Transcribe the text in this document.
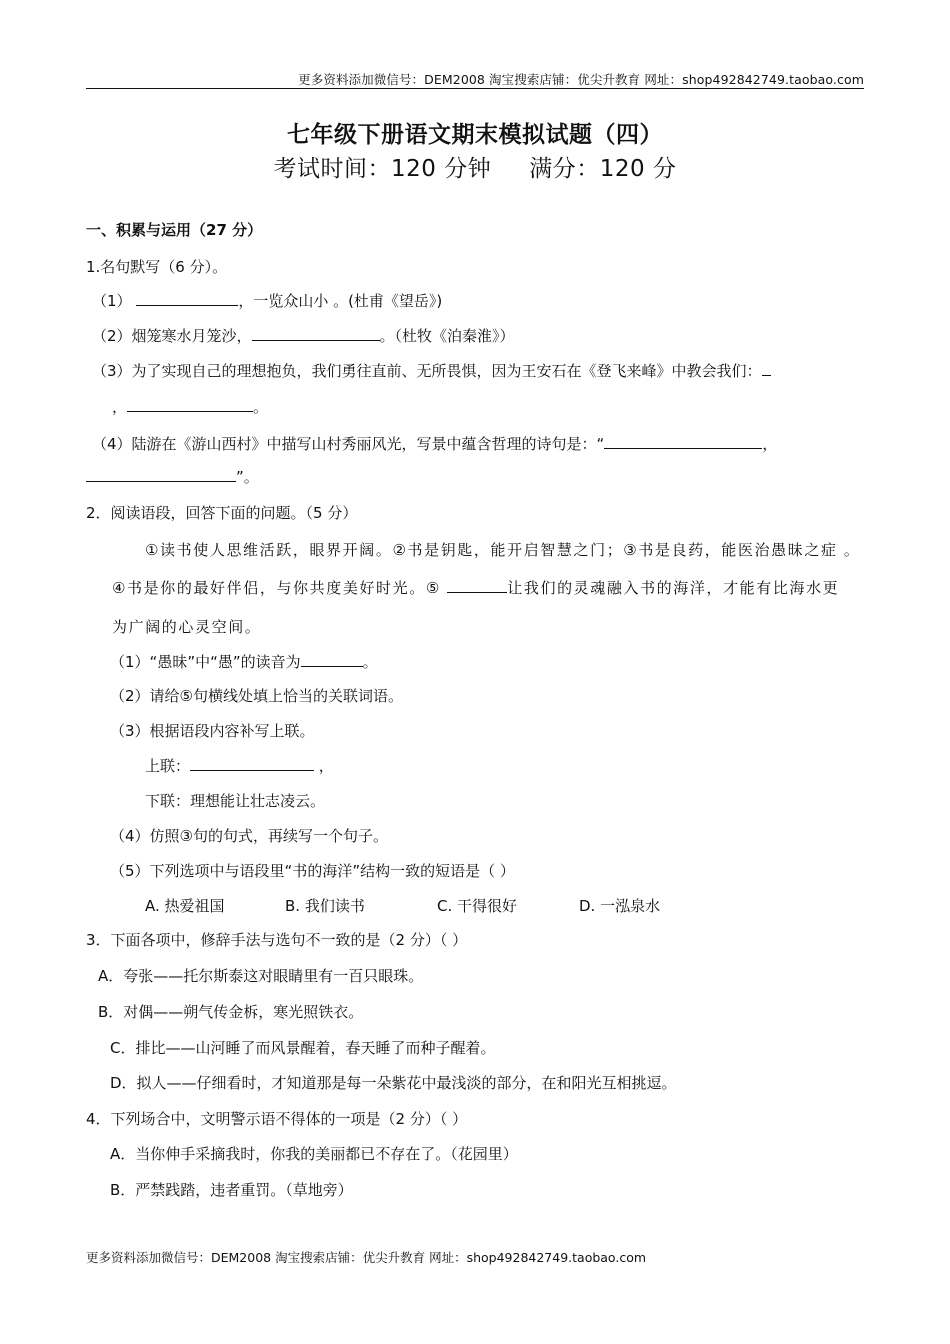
更多资料添加微信号：DEM2008 淘宝搜索店铺：优尖升教育 网址：shop492842749.taobao.com
七年级下册语文期末模拟试题（四）
考试时间：120 分钟 满分：120 分
一、积累与运用（27 分）
1.名句默写（6 分）。
（1）	，一览众山小 。(杜甫《望岳》)
（2）烟笼寒水月笼沙，	。（杜牧《泊秦淮》）
（3）为了实现自己的理想抱负，我们勇往直前、无所畏惧，因为王安石在《登飞来峰》中教会我们：
，	。
（4）陆游在《游山西村》中描写山村秀丽风光，写景中蕴含哲理的诗句是：“	，
”。
2．阅读语段，回答下面的问题。（5 分）
①读书使人思维活跃，眼界开阔。②书是钥匙，能开启智慧之门；③书是良药，能医治愚昧之症 。
④书是你的最好伴侣，与你共度美好时光。⑤	让我们的灵魂融入书的海洋，才能有比海水更
为广阔的心灵空间。
（1）“愚昧”中“愚”的读音为	。
（2）请给⑤句横线处填上恰当的关联词语。
（3）根据语段内容补写上联。
上联：	，
下联：理想能让壮志凌云。
（4）仿照③句的句式，再续写一个句子。
（5）下列选项中与语段里“书的海洋”结构一致的短语是（ ）
A. 热爱祖国	B. 我们读书	C. 干得很好	D. 一泓泉水
3．下面各项中，修辞手法与选句不一致的是（2 分）（ ）
A．夸张——托尔斯泰这对眼睛里有一百只眼珠。
B．对偶——朔气传金柝，寒光照铁衣。
C．排比——山河睡了而风景醒着，春天睡了而种子醒着。
D．拟人——仔细看时，才知道那是每一朵紫花中最浅淡的部分，在和阳光互相挑逗。
4．下列场合中，文明警示语不得体的一项是（2 分）（ ）
A．当你伸手采摘我时，你我的美丽都已不存在了。（花园里）
B．严禁践踏，违者重罚。（草地旁）
更多资料添加微信号：DEM2008 淘宝搜索店铺：优尖升教育 网址：shop492842749.taobao.com
